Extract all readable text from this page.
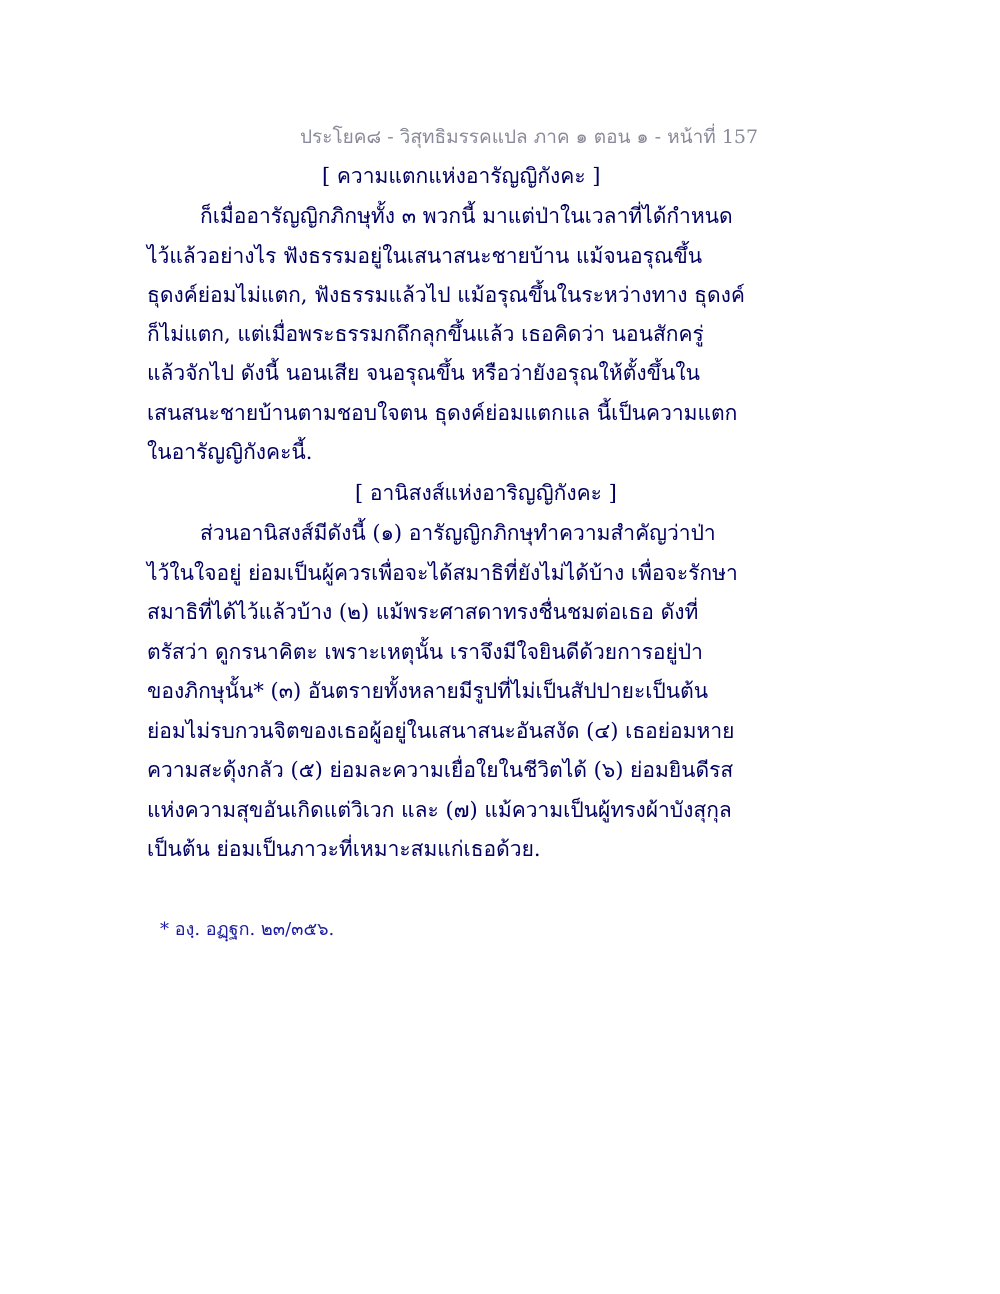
ประโยค๘ - วิสุทธิมรรคแปล ภาค ๑ ตอน ๑ - หน้าที่ 157
[ ความแตกแห่งอารัญญิกังคะ ]
ก็เมื่ออารัญญิกภิกษุทั้ง ๓ พวกนี้ มาแต่ป่าในเวลาที่ได้กำหนด
ไว้แล้วอย่างไร ฟังธรรมอยู่ในเสนาสนะชายบ้าน แม้จนอรุณขึ้น
ธุดงค์ย่อมไม่แตก, ฟังธรรมแล้วไป แม้อรุณขึ้นในระหว่างทาง ธุดงค์
ก็ไม่แตก, แต่เมื่อพระธรรมกถึกลุกขึ้นแล้ว เธอคิดว่า นอนสักครู่
แล้วจักไป ดังนี้ นอนเสีย จนอรุณขึ้น หรือว่ายังอรุณให้ตั้งขึ้นใน
เสนสนะชายบ้านตามชอบใจตน ธุดงค์ย่อมแตกแล นี้เป็นความแตก
ในอารัญญิกังคะนี้.
[ อานิสงส์แห่งอาริญญิกังคะ ]
ส่วนอานิสงส์มีดังนี้ (๑) อารัญญิกภิกษุทำความสำคัญว่าป่า
ไว้ในใจอยู่ ย่อมเป็นผู้ควรเพื่อจะได้สมาธิที่ยังไม่ได้บ้าง เพื่อจะรักษา
สมาธิที่ได้ไว้แล้วบ้าง (๒) แม้พระศาสดาทรงชื่นชมต่อเธอ ดังที่
ตรัสว่า ดูกรนาคิตะ เพราะเหตุนั้น เราจึงมีใจยินดีด้วยการอยู่ป่า
ของภิกษุนั้น* (๓) อันตรายทั้งหลายมีรูปที่ไม่เป็นสัปปายะเป็นต้น
ย่อมไม่รบกวนจิตของเธอผู้อยู่ในเสนาสนะอันสงัด (๔) เธอย่อมหาย
ความสะดุ้งกลัว (๕) ย่อมละความเยื่อใยในชีวิตได้ (๖) ย่อมยินดีรส
แห่งความสุขอันเกิดแต่วิเวก และ (๗) แม้ความเป็นผู้ทรงผ้าบังสุกุล
เป็นต้น ย่อมเป็นภาวะที่เหมาะสมแก่เธอด้วย.
* องฺ. อฏฺฐก. ๒๓/๓๕๖.
